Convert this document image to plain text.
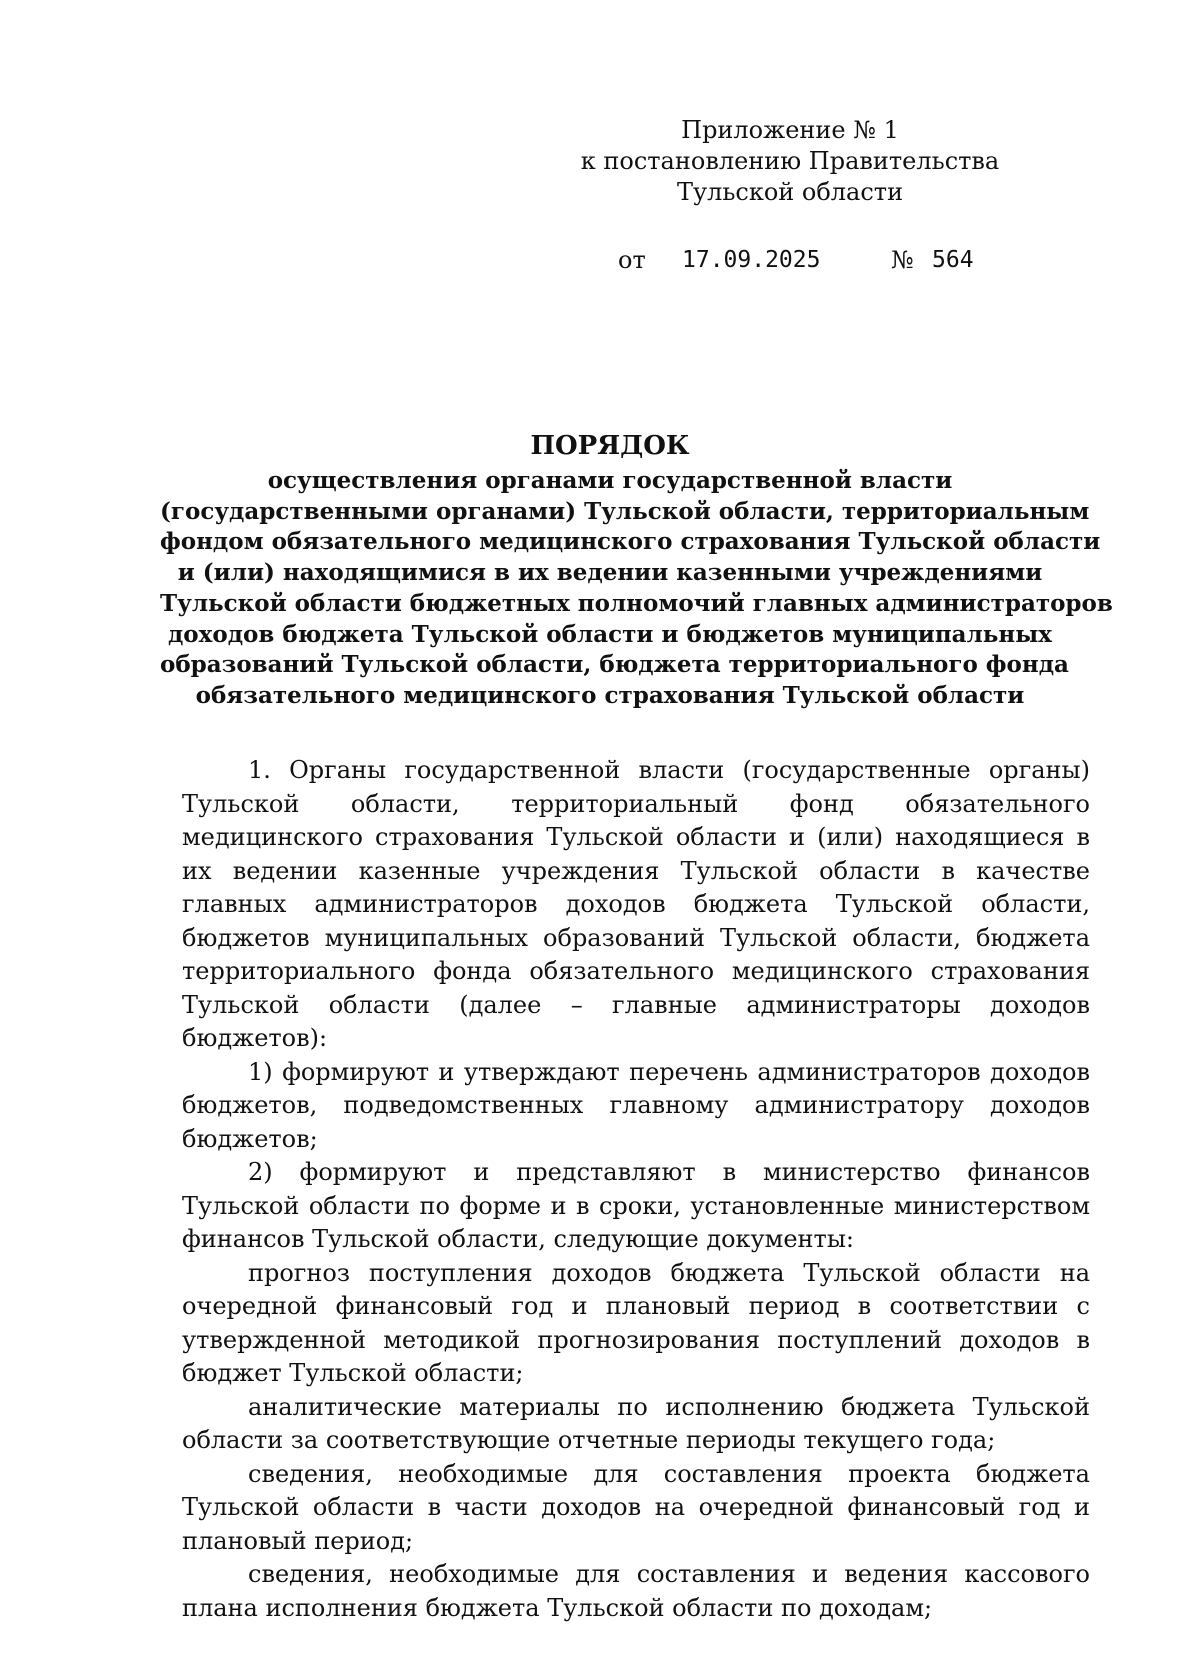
Приложение № 1
к постановлению Правительства
Тульской области
от 17.09.2025	№ 564
ПОРЯДОК
осуществления органами государственной власти
(государственными органами) Тульской области, территориальным
фондом обязательного медицинского страхования Тульской области
и (или) находящимися в их ведении казенными учреждениями
Тульской области бюджетных полномочий главных администраторов
доходов бюджета Тульской области и бюджетов муниципальных
образований Тульской области, бюджета территориального фонда
обязательного медицинского страхования Тульской области

1. Органы государственной власти (государственные органы) Тульской области, территориальный фонд обязательного медицинского страхования Тульской области и (или) находящиеся в их ведении казенные учреждения Тульской области в качестве главных администраторов доходов бюджета Тульской области, бюджетов муниципальных образований Тульской области, бюджета территориального фонда обязательного медицинского страхования Тульской области (далее – главные администраторы доходов бюджетов):

1) формируют и утверждают перечень администраторов доходов бюджетов, подведомственных главному администратору доходов бюджетов;

2) формируют и представляют в министерство финансов Тульской области по форме и в сроки, установленные министерством финансов Тульской области, следующие документы:

прогноз поступления доходов бюджета Тульской области на очередной финансовый год и плановый период в соответствии с утвержденной методикой прогнозирования поступлений доходов в бюджет Тульской области;

аналитические материалы по исполнению бюджета Тульской области за соответствующие отчетные периоды текущего года;

сведения, необходимые для составления проекта бюджета Тульской области в части доходов на очередной финансовый год и плановый период;

сведения, необходимые для составления и ведения кассового плана исполнения бюджета Тульской области по доходам;
